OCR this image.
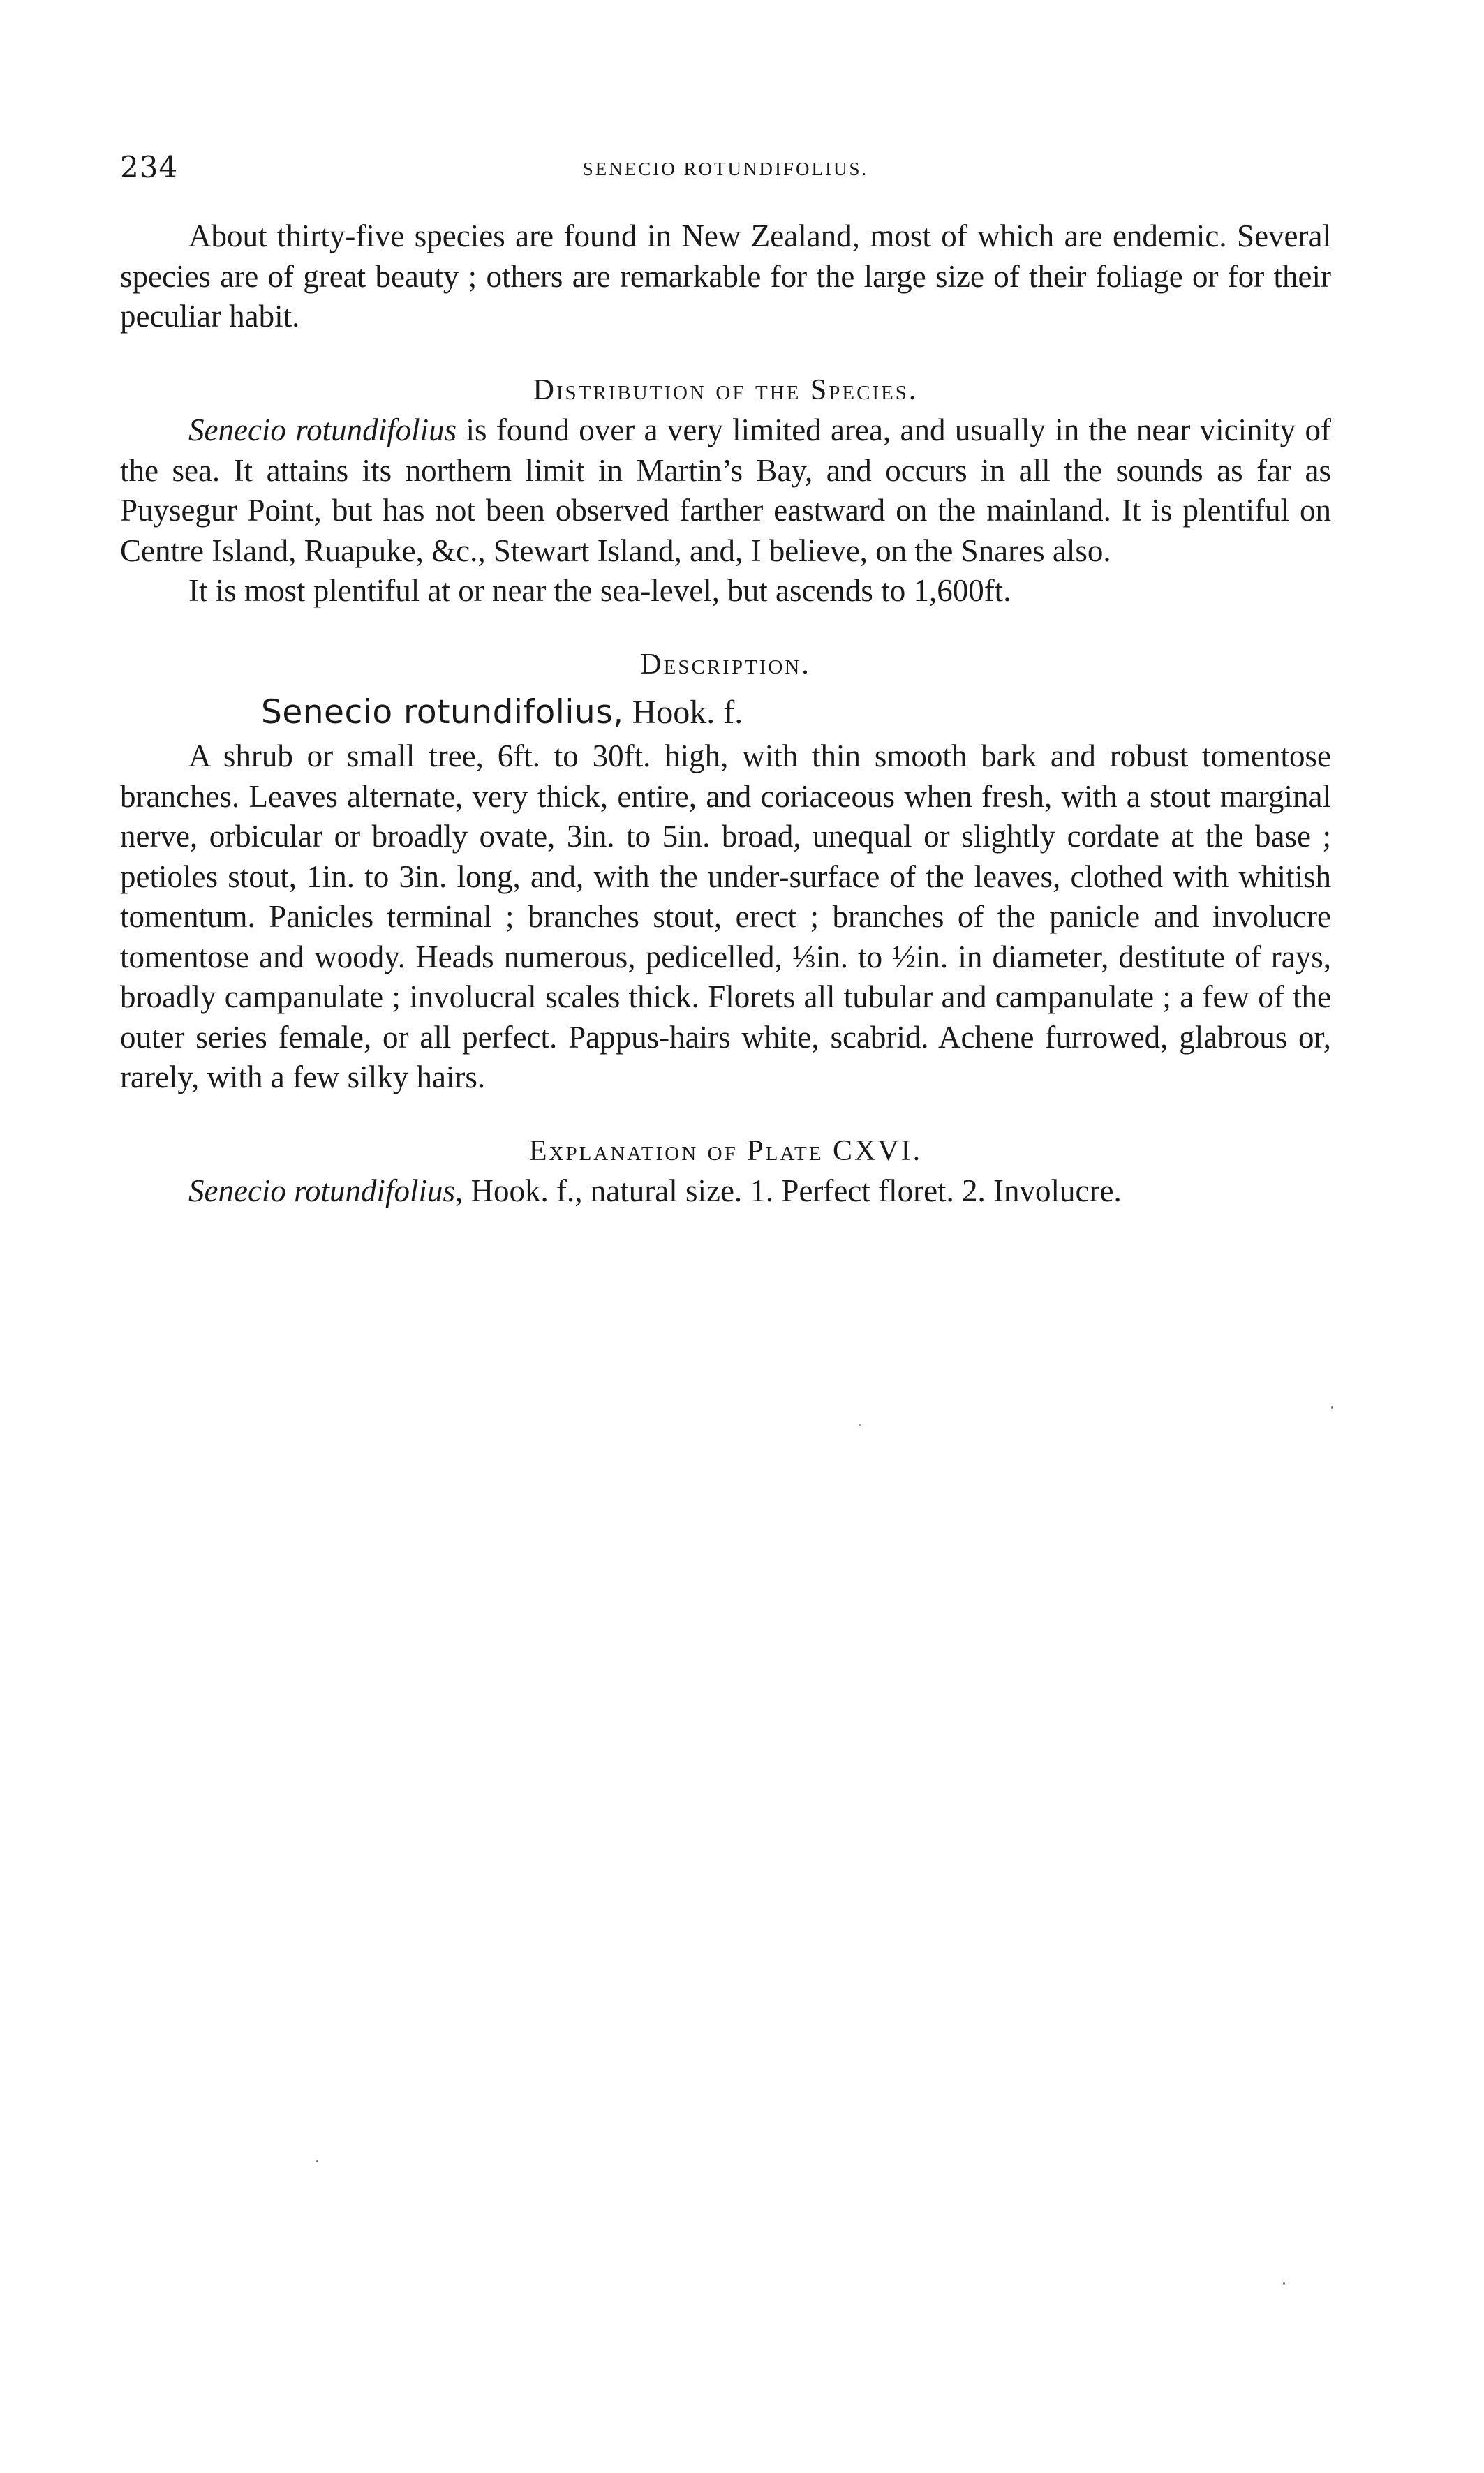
234	SENECIO ROTUNDIFOLIUS.

About thirty-five species are found in New Zealand, most of which are endemic. Several species are of great beauty ; others are remarkable for the large size of their foliage or for their peculiar habit.

Distribution of the Species.

Senecio rotundifolius is found over a very limited area, and usually in the near vicinity of the sea. It attains its northern limit in Martin’s Bay, and occurs in all the sounds as far as Puysegur Point, but has not been observed farther eastward on the mainland. It is plentiful on Centre Island, Ruapuke, &c., Stewart Island, and, I believe, on the Snares also.

It is most plentiful at or near the sea-level, but ascends to 1,600ft.

Description.
Senecio rotundifolius, Hook. f.

A shrub or small tree, 6ft. to 30ft. high, with thin smooth bark and robust tomentose branches. Leaves alternate, very thick, entire, and coriaceous when fresh, with a stout marginal nerve, orbicular or broadly ovate, 3in. to 5in. broad, unequal or slightly cordate at the base ; petioles stout, 1in. to 3in. long, and, with the under-surface of the leaves, clothed with whitish tomentum. Panicles terminal ; branches stout, erect ; branches of the panicle and involucre tomentose and woody. Heads numerous, pedicelled, ⅓in. to ½in. in diameter, destitute of rays, broadly campanulate ; involucral scales thick. Florets all tubular and campanulate ; a few of the outer series female, or all perfect. Pappus-hairs white, scabrid. Achene furrowed, glabrous or, rarely, with a few silky hairs.

Explanation of Plate CXVI.

Senecio rotundifolius, Hook. f., natural size. 1. Perfect floret. 2. Involucre.
